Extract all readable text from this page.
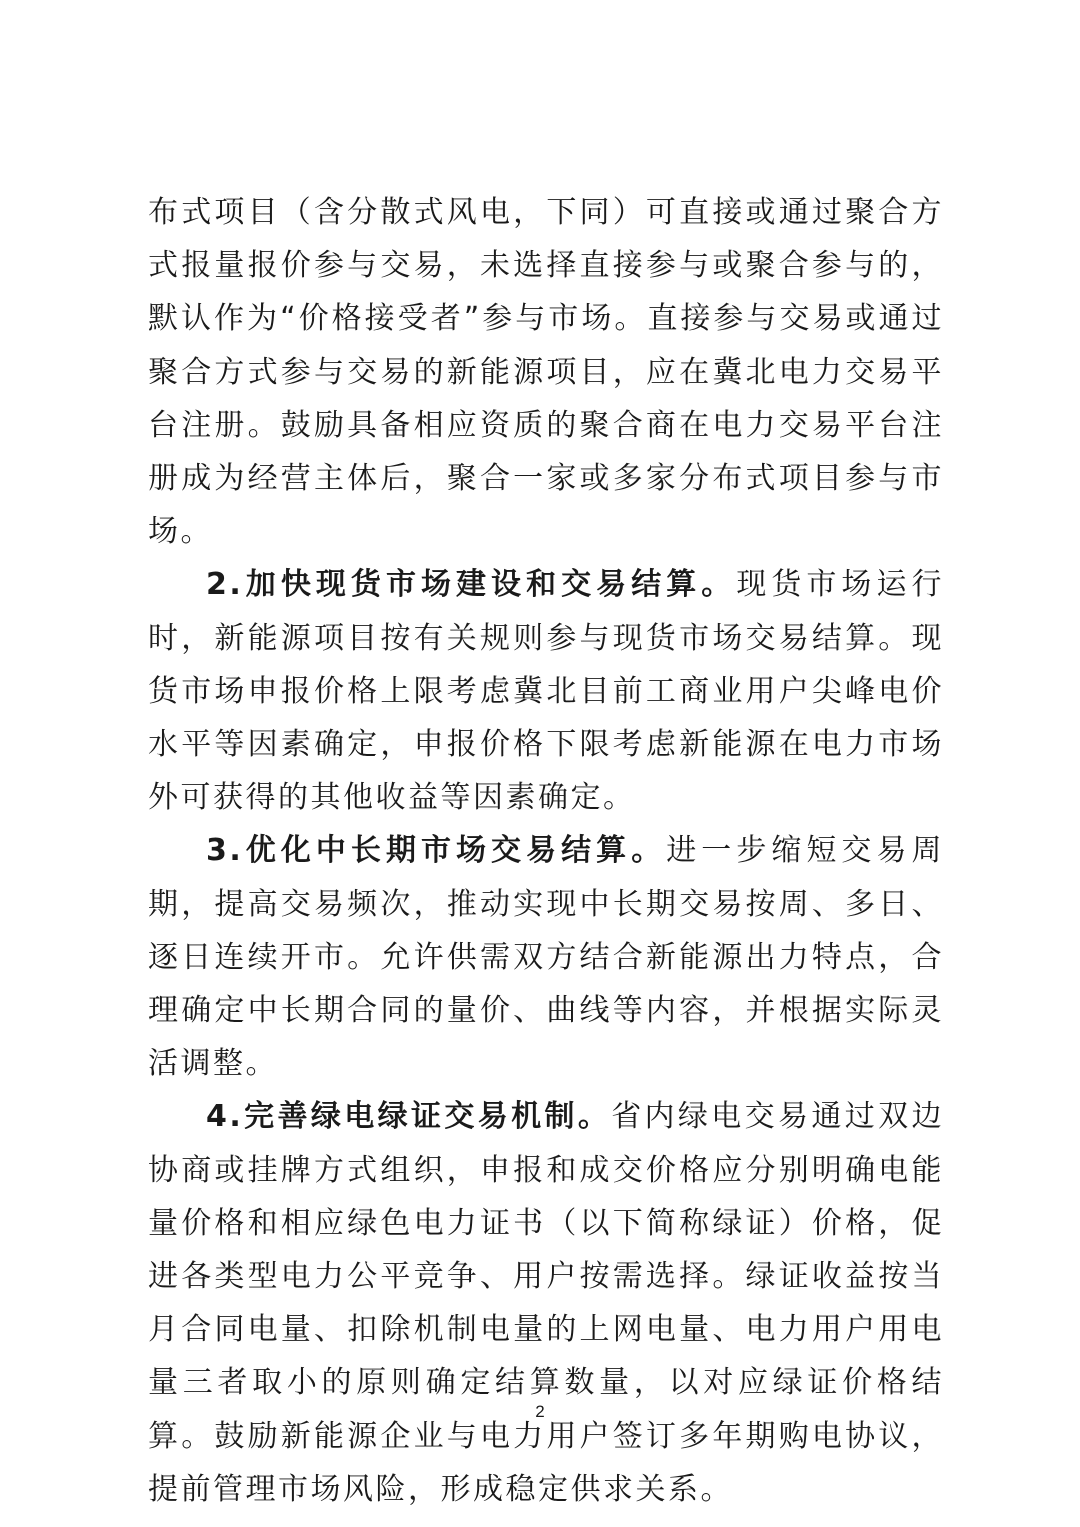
布式项目（含分散式风电，下同）可直接或通过聚合方式报量报价参与交易，未选择直接参与或聚合参与的，默认作为“价格接受者”参与市场。直接参与交易或通过聚合方式参与交易的新能源项目，应在冀北电力交易平台注册。鼓励具备相应资质的聚合商在电力交易平台注册成为经营主体后，聚合一家或多家分布式项目参与市场。

2.加快现货市场建设和交易结算。现货市场运行时，新能源项目按有关规则参与现货市场交易结算。现货市场申报价格上限考虑冀北目前工商业用户尖峰电价水平等因素确定，申报价格下限考虑新能源在电力市场外可获得的其他收益等因素确定。

3.优化中长期市场交易结算。进一步缩短交易周期，提高交易频次，推动实现中长期交易按周、多日、逐日连续开市。允许供需双方结合新能源出力特点，合理确定中长期合同的量价、曲线等内容，并根据实际灵活调整。

4.完善绿电绿证交易机制。省内绿电交易通过双边协商或挂牌方式组织，申报和成交价格应分别明确电能量价格和相应绿色电力证书（以下简称绿证）价格，促进各类型电力公平竞争、用户按需选择。绿证收益按当月合同电量、扣除机制电量的上网电量、电力用户用电量三者取小的原则确定结算数量，以对应绿证价格结算。鼓励新能源企业与电力用户签订多年期购电协议，提前管理市场风险，形成稳定供求关系。

2
